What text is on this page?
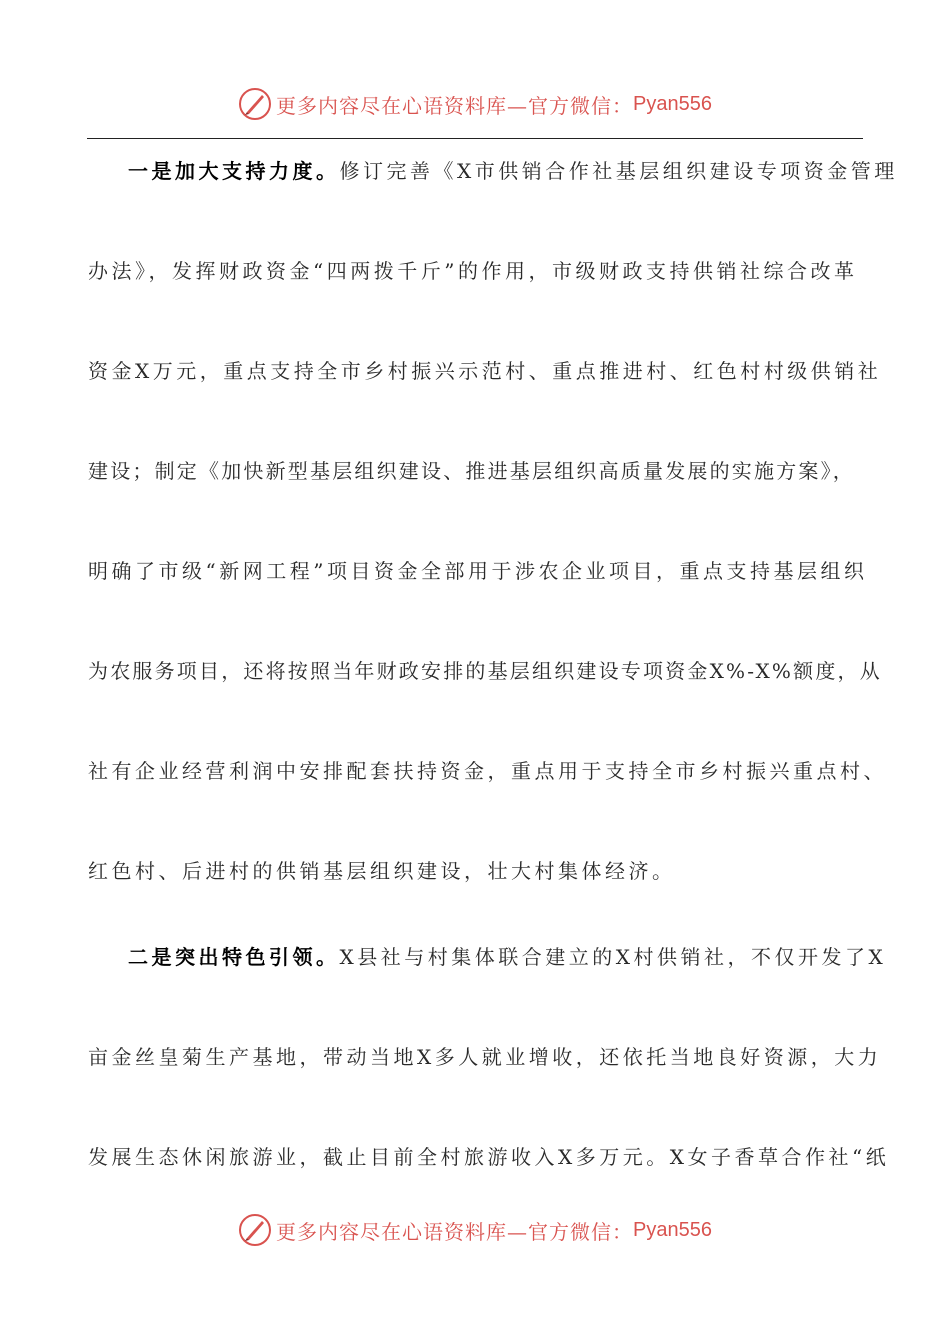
更多内容尽在心语资料库—官方微信： Pyan556
一是加大支持力度。修订完善《X市供销合作社基层组织建设专项资金管理
办法》，发挥财政资金“四两拨千斤”的作用，市级财政支持供销社综合改革
资金X万元，重点支持全市乡村振兴示范村、重点推进村、红色村村级供销社
建设；制定《加快新型基层组织建设、推进基层组织高质量发展的实施方案》，
明确了市级“新网工程”项目资金全部用于涉农企业项目，重点支持基层组织
为农服务项目，还将按照当年财政安排的基层组织建设专项资金X%-X%额度，从
社有企业经营利润中安排配套扶持资金，重点用于支持全市乡村振兴重点村、
红色村、后进村的供销基层组织建设，壮大村集体经济。
二是突出特色引领。X县社与村集体联合建立的X村供销社，不仅开发了X
亩金丝皇菊生产基地，带动当地X多人就业增收，还依托当地良好资源，大力
发展生态休闲旅游业，截止目前全村旅游收入X多万元。X女子香草合作社“纸
更多内容尽在心语资料库—官方微信： Pyan556
